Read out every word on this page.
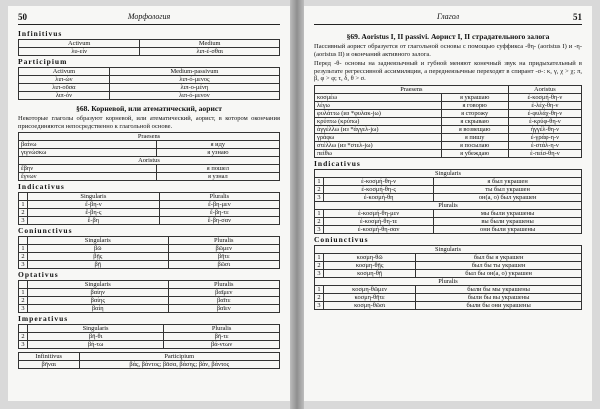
50	Морфология
Infinitivus
Activum	Medium
λυ-είν	λιπ-έ-σθαι
Participium
Activum	Medium-passivum
λιπ-ών	λιπ-ό-μενος
λιπ-οῦσα	λιπ-ο-μένη
λιπ-όν	λιπ-ό-μενον
§68. Корневой, или атематический, аорист
Некоторые глаголы образуют корневой, или атематический, аорист, в котором окончания присоединяются непосредственно к глагольной основе.
Praesens	
βαίνω	я иду
γιγνώσκω	я узнаю
Aoristus	
ἔβην	я пошел
ἔγνων	я узнал
Indicativus
	Singularis	Pluralis
1	ἔ-βη-ν	ἔ-βη-μεν
2	ἔ-βη-ς	ἔ-βη-τε
3	ἔ-βη	ἔ-βη-σαν
Coniunctivus
	Singularis	Pluralis
1	βῶ	βῶμεν
2	βῇς	βῆτε
3	βῇ	βῶσι
Optativus
	Singularis	Pluralis
1	βαίην	βαῖμεν
2	βαίης	βαῖτε
3	βαίη	βαῖεν
Imperativus
	Singularis	Pluralis
2	βῆ-θι	βῆ-τε
3	βή-τω	βά-ντων
Infinitivus	Participium
βῆναι	βάς, βάντος; βᾶσα, βάσης; βάν, βάντος
Глагол	51
§69. Aoristus I, II passivi. Аорист I, II страдательного залога
Пассивный аорист образуется от глагольной основы с помощью суффикса -θη- (aoristus I) и -η- (aoristus II) и окончаний активного залога.
Перед -θ- основы на заднеязычный и губной меняют конечный звук на придыхательный в результате регрессивной ассимиляции, а переднеязычные переходят в спирант -σ-: κ, γ, χ > χ; π, β, φ > φ; τ, δ, θ > σ.
Praesens		Aoristus
κοσμέω	я украшаю	ἐ-κοσμή-θη-ν
λέγω	я говорю	ἐ-λέχ-θη-ν
φυλάττω (из *φυλακ-jω)	я сторожу	ἐ-φυλάχ-θη-ν
κρύπτω (κρύπω)	я скрываю	ἐ-κρύφ-θη-ν
ἀγγέλλω (из *ἀγγελ-jω)	я возвещаю	ἠγγέλ-θη-ν
γράφω	я пишу	ἐ-γράφ-η-ν
στέλλω (из *στελ-jω)	я посылаю	ἐ-στάλ-η-ν
πείθω	я убеждаю	ἐ-πείσ-θη-ν
Indicativus
Singularis		
1	ἐ-κοσμή-θη-ν	я был украшен
2	ἐ-κοσμή-θη-ς	ты был украшен
3	ἐ-κοσμή-θη	он(а, о) был украшен
Pluralis		
1	ἐ-κοσμή-θη-μεν	мы были украшены
2	ἐ-κοσμή-θη-τε	вы были украшены
3	ἐ-κοσμή-θη-σαν	они были украшены
Coniunctivus
Singularis		
1	κοσμη-θῶ	был бы я украшен
2	κοσμη-θῇς	был бы ты украшен
3	κοσμη-θῇ	был бы он(а, о) украшен
Pluralis		
1	κοσμη-θῶμεν	были бы мы украшены
2	κοσμη-θῆτε	были бы вы украшены
3	κοσμη-θῶσι	были бы они украшены
